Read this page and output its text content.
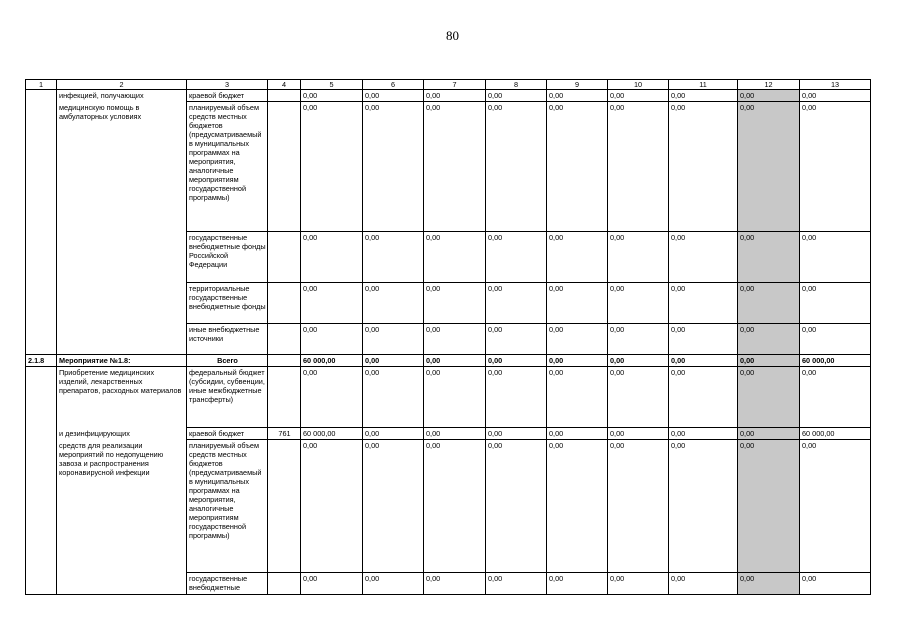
80
1	2	3	4	5	6	7	8	9	10	11	12	13
	инфекцией, получающих	краевой бюджет		0,00	0,00	0,00	0,00	0,00	0,00	0,00	0,00	0,00
	медицинскую помощь в амбулаторных условиях	планируемый объем средств местных бюджетов (предусматриваемый в муниципальных программах на мероприятия, аналогичные мероприятиям государственной программы)		0,00	0,00	0,00	0,00	0,00	0,00	0,00	0,00	0,00
		государственные внебюджетные фонды Российской Федерации		0,00	0,00	0,00	0,00	0,00	0,00	0,00	0,00	0,00
		территориальные государственные внебюджетные фонды		0,00	0,00	0,00	0,00	0,00	0,00	0,00	0,00	0,00
		иные внебюджетные источники		0,00	0,00	0,00	0,00	0,00	0,00	0,00	0,00	0,00
2.1.8	Мероприятие №1.8:	Всего		60 000,00	0,00	0,00	0,00	0,00	0,00	0,00	0,00	60 000,00
	Приобретение медицинских изделий, лекарственных препаратов, расходных материалов	федеральный бюджет (субсидии, субвенции, иные межбюджетные трансферты)		0,00	0,00	0,00	0,00	0,00	0,00	0,00	0,00	0,00
	и дезинфицирующих	краевой бюджет	761	60 000,00	0,00	0,00	0,00	0,00	0,00	0,00	0,00	60 000,00
	средств для реализации мероприятий по недопущению завоза и распространения коронавирусной инфекции	планируемый объем средств местных бюджетов (предусматриваемый в муниципальных программах на мероприятия, аналогичные мероприятиям государственной программы)		0,00	0,00	0,00	0,00	0,00	0,00	0,00	0,00	0,00
		государственные внебюджетные		0,00	0,00	0,00	0,00	0,00	0,00	0,00	0,00	0,00
